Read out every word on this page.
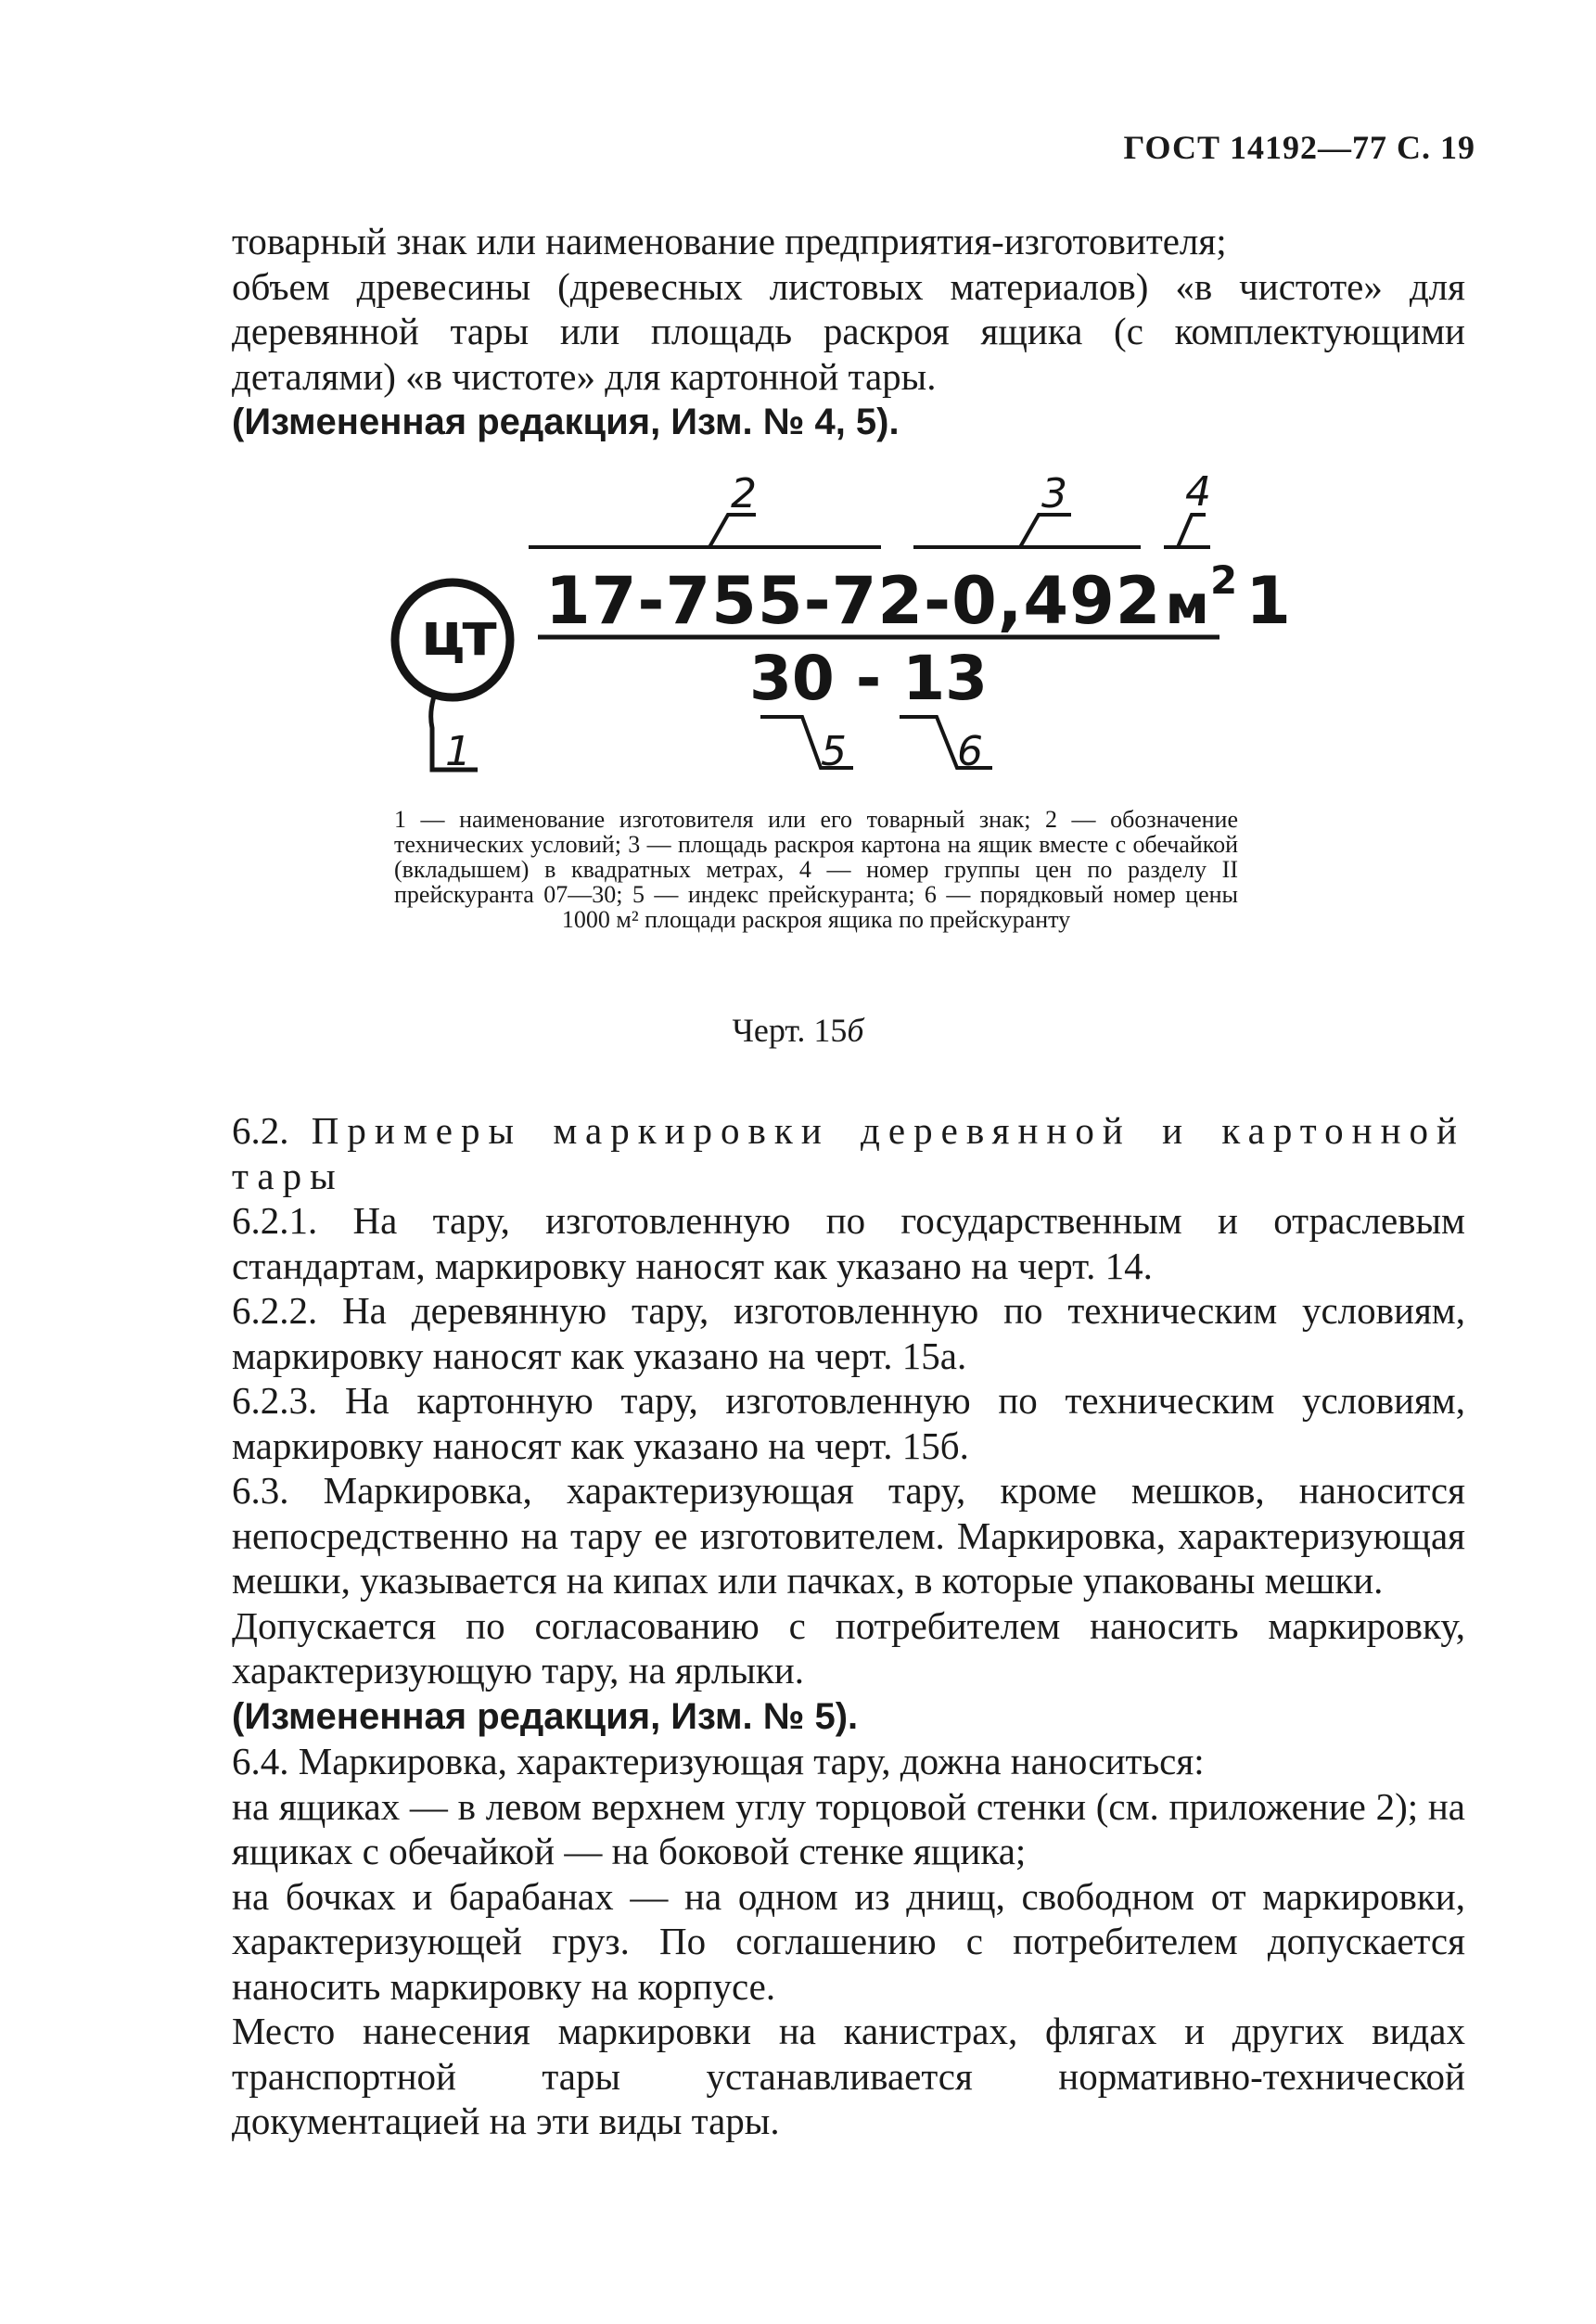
ГОСТ 14192—77 С. 19

товарный знак или наименование предприятия-изготовителя;

объем древесины (древесных листовых материалов) «в чистоте» для деревянной тары или площадь раскроя ящика (с комплектующими деталями) «в чистоте» для картонной тары.

(Измененная редакция, Изм. № 4, 5).

цт $17-755-72-0,492м^2$ 1
30 - 13
1
2	3	4
5	6
1 — наименование изготовителя или его товарный знак; 2 — обозначение технических условий; 3 — площадь раскроя картона на ящик вместе с обечайкой (вкладышем) в квадратных метрах, 4 — номер группы цен по разделу II прейскуранта 07—30; 5 — индекс прейскуранта; 6 — порядковый номер цены 1000 м² площади раскроя ящика по прейскуранту
Черт. 15б

6.2. Примеры маркировки деревянной и картонной тары

6.2.1. На тару, изготовленную по государственным и отраслевым стандартам, маркировку наносят как указано на черт. 14.

6.2.2. На деревянную тару, изготовленную по техническим условиям, маркировку наносят как указано на черт. 15а.

6.2.3. На картонную тару, изготовленную по техническим условиям, маркировку наносят как указано на черт. 15б.

6.3. Маркировка, характеризующая тару, кроме мешков, наносится непосредственно на тару ее изготовителем. Маркировка, характеризующая мешки, указывается на кипах или пачках, в которые упакованы мешки.

Допускается по согласованию с потребителем наносить маркировку, характеризующую тару, на ярлыки.

(Измененная редакция, Изм. № 5).

6.4. Маркировка, характеризующая тару, дожна наноситься:

на ящиках — в левом верхнем углу торцовой стенки (см. приложение 2); на ящиках с обечайкой — на боковой стенке ящика;

на бочках и барабанах — на одном из днищ, свободном от маркировки, характеризующей груз. По соглашению с потребителем допускается наносить маркировку на корпусе.

Место нанесения маркировки на канистрах, флягах и других видах транспортной тары устанавливается нормативно-технической документацией на эти виды тары.
